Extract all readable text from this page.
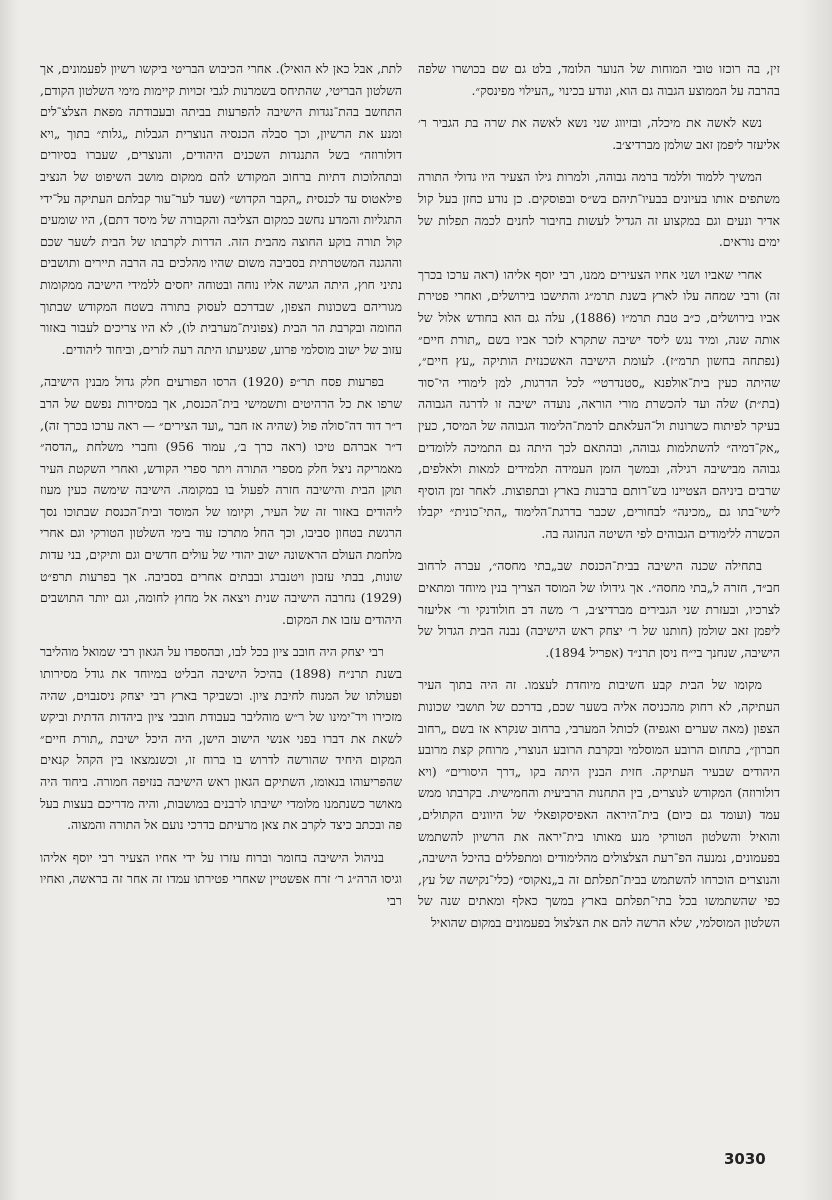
זין, בה רוכזו טובי המוחות של הנוער הלומד, בלט גם שם בכושרו שלפה בהרבה על הממוצע הגבוה גם הוא, ונודע בכינוי „העילוי מפינסק״.

נשא לאשה את מיכלה, ובזיווג שני נשא לאשה את שרה בת הגביר ר׳ אליעזר ליפמן זאב שולמן מברדיצ׳ב.

המשיך ללמוד וללמד ברמה גבוהה, ולמרות גילו הצעיר היו גדולי התורה משתפים אותו בעיונים בבעיו־תיהם בש״ס ובפוסקים. כן נודע כחזן בעל קול אדיר ונעים וגם במקצוע זה הגדיל לעשות בחיבור לחנים לכמה תפלות של ימים נוראים.

אחרי שאביו ושני אחיו הצעירים ממנו, רבי יוסף אליהו (ראה ערכו בכרך זה) ורבי שמחה עלו לארץ בשנת תרמ״ג והתישבו בירושלים, ואחרי פטירת אביו בירושלים, כ״ב טבת תרמ״ו (1886), עלה גם הוא בחודש אלול של אותה שנה, ומיד נגש ליסד ישיבה שתקרא לזכר אביו בשם „תורת חיים״ (נפתחה בחשון תרמ״ז). לעומת הישיבה האשכנזית הותיקה „עץ חיים״, שהיתה כעין בית־אולפנא „סטנדרטי״ לכל הדרגות, למן לימודי הי־סוד (בת״ת) שלה ועד להכשרת מורי הוראה, נועדה ישיבה זו לדרגה הגבוהה בעיקר לפיתוח כשרונות ול־העלאתם לרמת־הלימוד הגבוהה של המיסד, כעין „אק־דמיה״ להשתלמות גבוהה, ובהתאם לכך היתה גם התמיכה ללומדים גבוהה מבישיבה רגילה, ובמשך הזמן העמידה תלמידים למאות ולאלפים, שרבים ביניהם הצטיינו בש־רותם ברבנות בארץ ובתפוצות. לאחר זמן הוסיף לישי־בתו גם „מכינה״ לבחורים, שכבר בדרגת־הלימוד „התי־כונית״ יקבלו הכשרה ללימודים הגבוהים לפי השיטה הנהוגה בה.

בתחילה שכנה הישיבה בבית־הכנסת שב„בתי מחסה״, עברה לרחוב חב״ד, חזרה ל„בתי מחסה״. אך גידולו של המוסד הצריך בנין מיוחד ומתאים לצרכיו, ובעזרת שני הגבירים מברדיצ׳ב, ר׳ משה דב חולודנקי ור׳ אליעזר ליפמן זאב שולמן (חותנו של ר׳ יצחק ראש הישיבה) נבנה הבית הגדול של הישיבה, שנחנך בי״ח ניסן תרנ״ד (אפריל 1894).

מקומו של הבית קבע חשיבות מיוחדת לעצמו. זה היה בתוך העיר העתיקה, לא רחוק מהכניסה אליה בשער שכם, בדרכם של תושבי שכונות הצפון (מאה שערים ואגפיה) לכותל המערבי, ברחוב שנקרא אז בשם „רחוב חברון״, בתחום הרובע המוסלמי ובקרבת הרובע הנוצרי, מרוחק קצת מרובע היהודים שבעיר העתיקה. חזית הבנין היתה בקו „דרך היסורים״ (ויא דולורוזה) המקודש לנוצרים, בין התחנות הרביעית והחמישית. בקרבתו ממש עמד (ועומד גם כיום) בית־היראה האפיסקופאלי של היוונים הקתולים, והואיל והשלטון הטורקי מנע מאותו בית־יראה את הרשיון להשתמש בפעמונים, נמנעה הפ־רעת הצלצולים מהלימודים ומתפללים בהיכל הישיבה, והנוצרים הוכרחו להשתמש בבית־תפלתם זה ב„נאקוס״ (כלי־נקישה של עץ, כפי שהשתמשו בכל בתי־תפלתם בארץ במשך כאלף ומאתים שנה של השלטון המוסלמי, שלא הרשה להם את הצלצול בפעמונים במקום שהואיל

לתת, אבל כאן לא הואיל). אחרי הכיבוש הבריטי ביקשו רשיון לפעמונים, אך השלטון הבריטי, שהתיחס בשמרנות לגבי זכויות קיימות מימי השלטון הקודם, התחשב בהת־נגדות הישיבה להפרעות בביתה ובעבודתה מפאת הצלצ־לים ומנע את הרשיון, וכך סבלה הכנסיה הנוצרית הגבלות „גלות״ בתוך „ויא דולורוזה״ בשל התנגדות השכנים היהודים, והנוצרים, שעברו בסיורים ובתהלוכות דתיות ברחוב המקודש להם ממקום מושב השיפוט של הנציב פילאטוס עד לכנסית „הקבר הקדוש״ (שעד לער־עור קבלתם העתיקה על־ידי התגליות והמדע נחשב כמקום הצליבה והקבורה של מיסד דתם), היו שומעים קול תורה בוקע החוצה מהבית הזה. הדרות לקרבתו של הבית לשער שכם וההגנה המשטרתית בסביבה משום שהיו מהלכים בה הרבה תיירים ותושבים נתיני חוץ, היתה הגישה אליו נוחה ובטוחה יחסים ללמידי הישיבה ממקומות מגוריהם בשכונות הצפון, שבדרכם לעסוק בתורה בשטח המקודש שבתוך החומה ובקרבת הר הבית (צפונית־מערבית לו), לא היו צריכים לעבור באזור עזוב של ישוב מוסלמי פרוע, שפגיעתו היתה רעה לזרים, וביחוד ליהודים.

בפרעות פסח תר״פ (1920) הרסו הפורעים חלק גדול מבנין הישיבה, שרפו את כל הרהיטים ותשמישי בית־הכנסת, אך במסירות נפשם של הרב ד״ר דוד דה־סולה פול (שהיה אז חבר „ועד הצירים״ — ראה ערכו בכרך זה), ד״ר אברהם טיכו (ראה כרך ב׳, עמוד 956) וחברי משלחת „הדסה״ מאמריקה ניצל חלק מספרי התורה ויתר ספרי הקודש, ואחרי השקטת העיר תוקן הבית והישיבה חזרה לפעול בו במקומה. הישיבה שימשה כעין מעוז ליהודים באזור זה של העיר, וקיומו של המוסד ובית־הכנסת שבתוכו נסך הרגשת בטחון סביבו, וכך החל מתרכז עוד בימי השלטון הטורקי וגם אחרי מלחמת העולם הראשונה ישוב יהודי של עולים חדשים וגם ותיקים, בני עדות שונות, בבתי עזבון ויטנברג ובבתים אחרים בסביבה. אך בפרעות תרפ״ט (1929) נחרבה הישיבה שנית ויצאה אל מחוץ לחומה, וגם יותר התושבים היהודים עזבו את המקום.

רבי יצחק היה חובב ציון בכל לבו, ובהספדו על הגאון רבי שמואל מוהליבר בשנת תרנ״ח (1898) בהיכל הישיבה הבליט במיוחד את גודל מסירותו ופעולתו של המנוח לחיבת ציון. וכשביקר בארץ רבי יצחק ניסנבוים, שהיה מזכירו ויד־ימינו של ר״ש מוהליבר בעבודת חובבי ציון ביהדות הדתית וביקש לשאת את דברו בפני אנשי הישוב הישן, היה היכל ישיבת „תורת חיים״ המקום היחיד שהורשה לדרוש בו ברוח זו, וכשנמצאו בין הקהל קנאים שהפריעוהו בנאומו, השתיקם הגאון ראש הישיבה בנזיפה חמורה. ביחוד היה מאושר כשנתמנו מלומדי ישיבתו לרבנים במושבות, והיה מדריכם בעצות בעל פה ובכתב כיצד לקרב את צאן מרעיתם בדרכי נועם אל התורה והמצוה.

בניהול הישיבה בחומר וברוח עזרו על ידי אחיו הצעיר רבי יוסף אליהו וגיסו הרה״ג ר׳ זרח אפשטיין שאחרי פטירתו עמדו זה אחר זה בראשה, ואחיו רבי

3030
